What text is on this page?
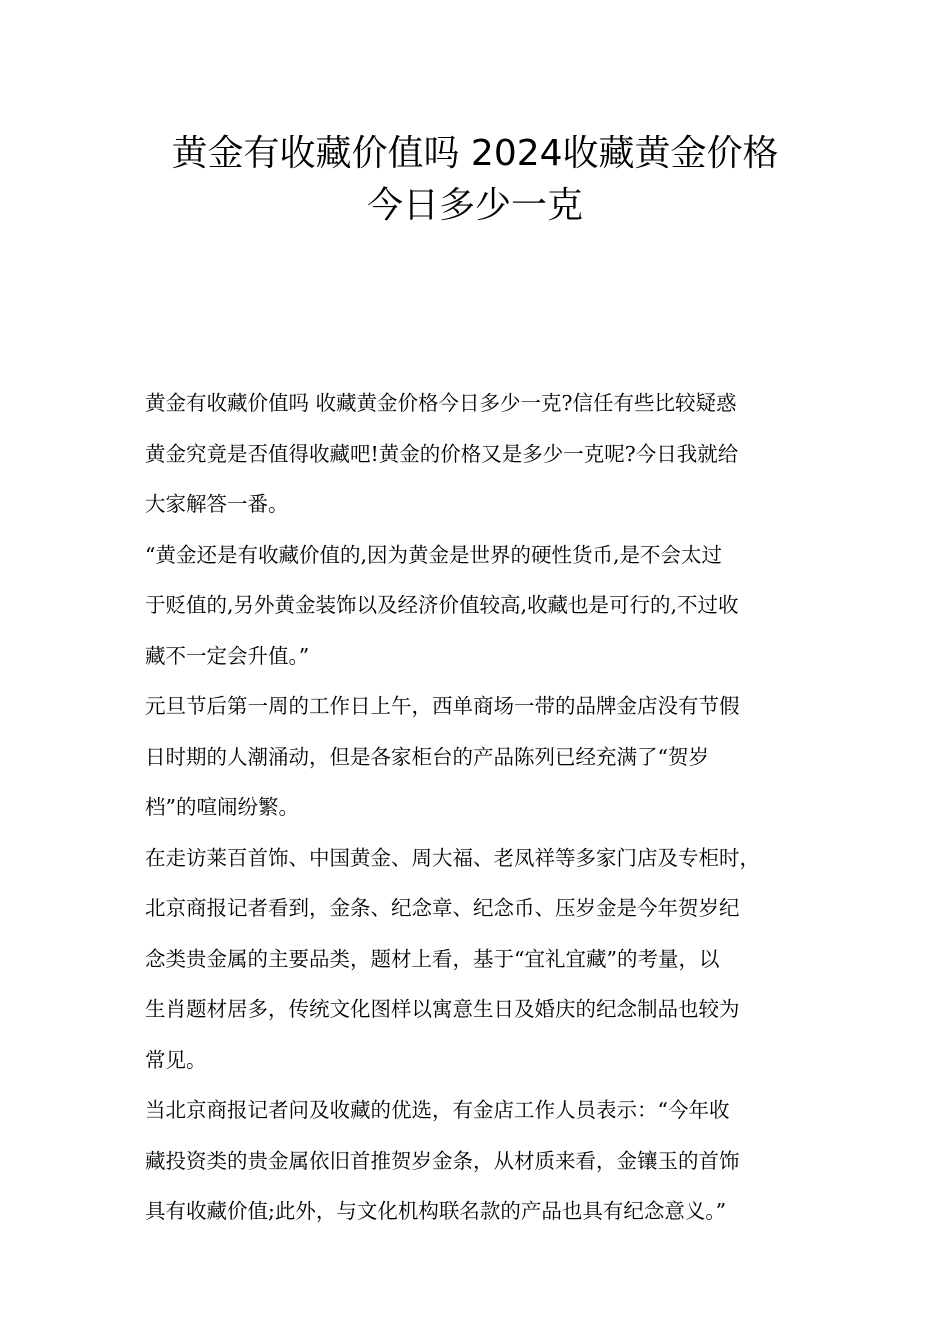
黄金有收藏价值吗 2024收藏黄金价格
今日多少一克

黄金有收藏价值吗 收藏黄金价格今日多少一克?信任有些比较疑惑
黄金究竟是否值得收藏吧!黄金的价格又是多少一克呢?今日我就给
大家解答一番。

“黄金还是有收藏价值的,因为黄金是世界的硬性货币,是不会太过
于贬值的,另外黄金装饰以及经济价值较高,收藏也是可行的,不过收
藏不一定会升值。”

元旦节后第一周的工作日上午，西单商场一带的品牌金店没有节假
日时期的人潮涌动，但是各家柜台的产品陈列已经充满了“贺岁
档”的喧闹纷繁。

在走访莱百首饰、中国黄金、周大福、老凤祥等多家门店及专柜时，
北京商报记者看到，金条、纪念章、纪念币、压岁金是今年贺岁纪
念类贵金属的主要品类，题材上看，基于“宜礼宜藏”的考量，以
生肖题材居多，传统文化图样以寓意生日及婚庆的纪念制品也较为
常见。

当北京商报记者问及收藏的优选，有金店工作人员表示：“今年收
藏投资类的贵金属依旧首推贺岁金条，从材质来看，金镶玉的首饰
具有收藏价值;此外，与文化机构联名款的产品也具有纪念意义。”
